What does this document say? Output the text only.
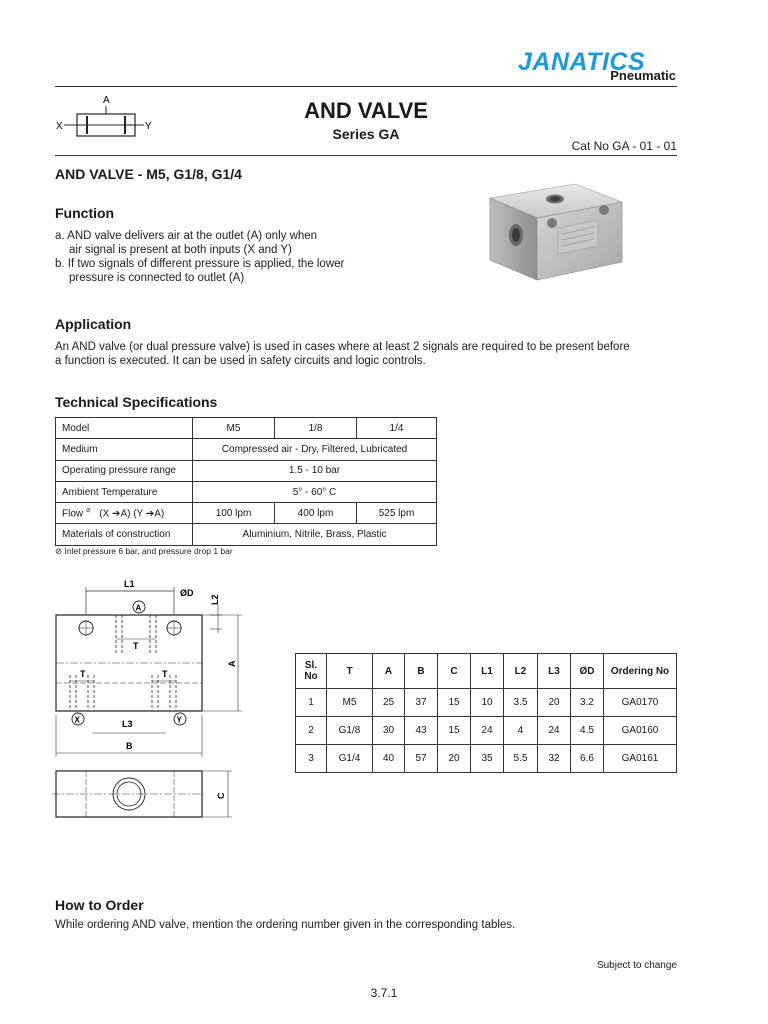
JANATICS
Pneumatic
A
X	Y
AND VALVE
Series GA
Cat No GA - 01 - 01
AND VALVE - M5, G1/8, G1/4
Function
a. AND valve delivers air at the outlet (A) only when
air signal is present at both inputs (X and Y)
b. If two signals of different pressure is applied, the lower
pressure is connected to outlet (A)
Application
An AND valve (or dual pressure valve) is used in cases where at least 2 signals are required to be present before
a function is executed. It can be used in safety circuits and logic controls.
Technical Specifications
Model	M5	1/8	1/4
Medium	Compressed air - Dry, Filtered, Lubricated		
Operating pressure range	1.5 - 10 bar		
Ambient Temperature	5° - 60° C		
Flow ⊘ (X ➔A) (Y ➔A)	100 lpm	400 lpm	525 lpm
Materials of construction	Aluminium, Nitrile, Brass, Plastic		
⊘ Inlet pressure 6 bar, and pressure drop 1 bar
L1
ØD
L2
A
T
T	T
X	Y
L3
B
A
C
Sl. No	T	A	B	C	L1	L2	L3	ØD	Ordering No
1	M5	25	37	15	10	3.5	20	3.2	GA0170
2	G1/8	30	43	15	24	4	24	4.5	GA0160
3	G1/4	40	57	20	35	5.5	32	6.6	GA0161
How to Order
While ordering AND valve, mention the ordering number given in the corresponding tables.
Subject to change
3.7.1
